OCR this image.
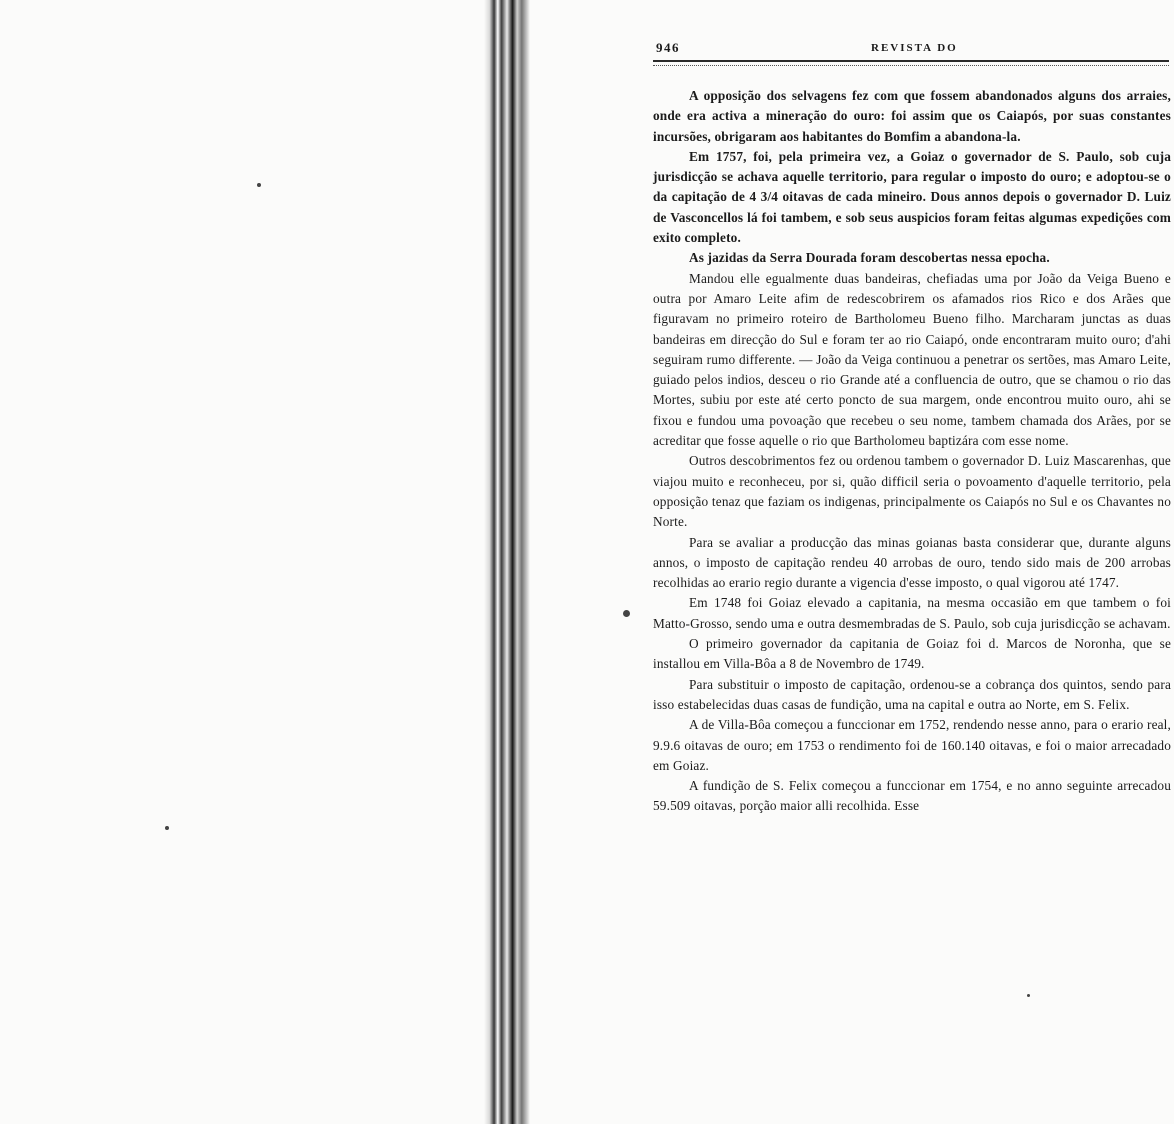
946	REVISTA DO

A opposição dos selvagens fez com que fossem abandonados alguns dos arraies, onde era activa a mineração do ouro: foi assim que os Caiapós, por suas constantes incursões, obrigaram aos habitantes do Bomfim a abandona-la.

Em 1757, foi, pela primeira vez, a Goiaz o governador de S. Paulo, sob cuja jurisdicção se achava aquelle territorio, para regular o imposto do ouro; e adoptou-se o da capitação de 4 3/4 oitavas de cada mineiro. Dous annos depois o governador D. Luiz de Vasconcellos lá foi tambem, e sob seus auspicios foram feitas algumas expedições com exito completo.

As jazidas da Serra Dourada foram descobertas nessa epocha.

Mandou elle egualmente duas bandeiras, chefiadas uma por João da Veiga Bueno e outra por Amaro Leite afim de redescobrirem os afamados rios Rico e dos Arães que figuravam no primeiro roteiro de Bartholomeu Bueno filho. Marcharam junctas as duas bandeiras em direcção do Sul e foram ter ao rio Caiapó, onde encontraram muito ouro; d'ahi seguiram rumo differente. — João da Veiga continuou a penetrar os sertões, mas Amaro Leite, guiado pelos indios, desceu o rio Grande até a confluencia de outro, que se chamou o rio das Mortes, subiu por este até certo poncto de sua margem, onde encontrou muito ouro, ahi se fixou e fundou uma povoação que recebeu o seu nome, tambem chamada dos Arães, por se acreditar que fosse aquelle o rio que Bartholomeu baptizára com esse nome.

Outros descobrimentos fez ou ordenou tambem o governador D. Luiz Mascarenhas, que viajou muito e reconheceu, por si, quão difficil seria o povoamento d'aquelle territorio, pela opposição tenaz que faziam os indigenas, principalmente os Caiapós no Sul e os Chavantes no Norte.

Para se avaliar a producção das minas goianas basta considerar que, durante alguns annos, o imposto de capitação rendeu 40 arrobas de ouro, tendo sido mais de 200 arrobas recolhidas ao erario regio durante a vigencia d'esse imposto, o qual vigorou até 1747.

Em 1748 foi Goiaz elevado a capitania, na mesma occasião em que tambem o foi Matto-Grosso, sendo uma e outra desmembradas de S. Paulo, sob cuja jurisdicção se achavam.

O primeiro governador da capitania de Goiaz foi d. Marcos de Noronha, que se installou em Villa-Bôa a 8 de Novembro de 1749.

Para substituir o imposto de capitação, ordenou-se a cobrança dos quintos, sendo para isso estabelecidas duas casas de fundição, uma na capital e outra ao Norte, em S. Felix.

A de Villa-Bôa começou a funccionar em 1752, rendendo nesse anno, para o erario real, 9.9.6 oitavas de ouro; em 1753 o rendimento foi de 160.140 oitavas, e foi o maior arrecadado em Goiaz.

A fundição de S. Felix começou a funccionar em 1754, e no anno seguinte arrecadou 59.509 oitavas, porção maior alli recolhida. Esse
